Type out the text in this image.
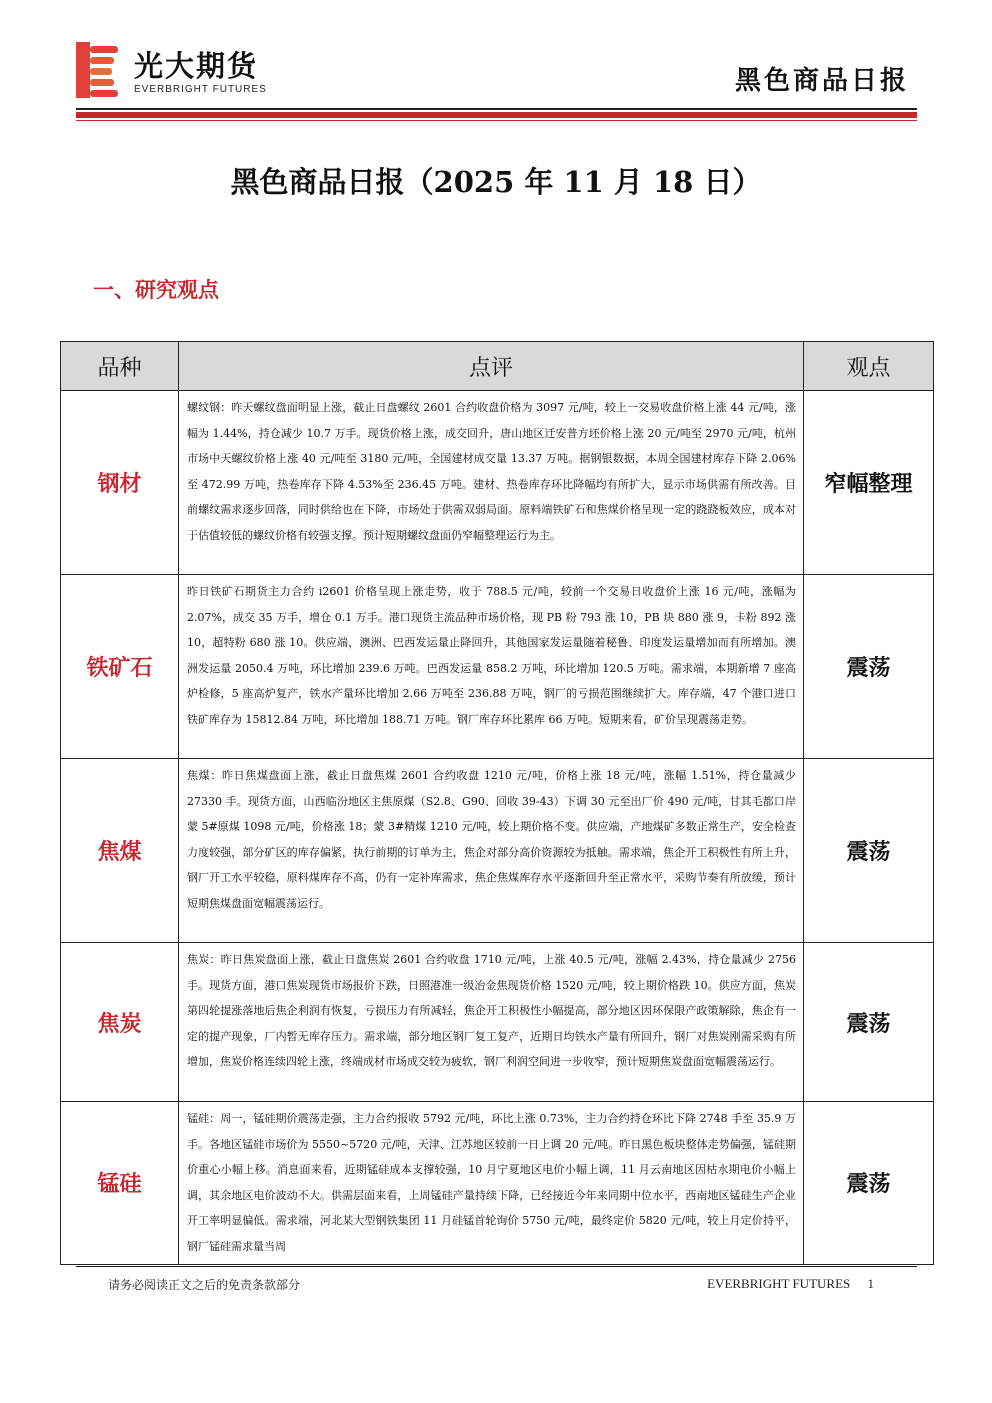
光大期货
EVERBRIGHT FUTURES	黑色商品日报
黑色商品日报（2025 年 11 月 18 日）
一、研究观点
品种	点评	观点
钢材	螺纹钢：昨天螺纹盘面明显上涨，截止日盘螺纹 2601 合约收盘价格为 3097 元/吨，较上一交易收盘价格上涨 44 元/吨，涨幅为 1.44%，持仓减少 10.7 万手。现货价格上涨，成交回升，唐山地区迁安普方坯价格上涨 20 元/吨至 2970 元/吨，杭州市场中天螺纹价格上涨 40 元/吨至 3180 元/吨，全国建材成交量 13.37 万吨。据钢银数据，本周全国建材库存下降 2.06%至 472.99 万吨，热卷库存下降 4.53%至 236.45 万吨。建材、热卷库存环比降幅均有所扩大，显示市场供需有所改善。目前螺纹需求逐步回落，同时供给也在下降，市场处于供需双弱局面。原料端铁矿石和焦煤价格呈现一定的跷跷板效应，成本对于估值较低的螺纹价格有较强支撑。预计短期螺纹盘面仍窄幅整理运行为主。	窄幅整理
铁矿石	昨日铁矿石期货主力合约 i2601 价格呈现上涨走势，收于 788.5 元/吨，较前一个交易日收盘价上涨 16 元/吨，涨幅为 2.07%，成交 35 万手，增仓 0.1 万手。港口现货主流品种市场价格，现 PB 粉 793 涨 10，PB 块 880 涨 9，卡粉 892 涨 10，超特粉 680 涨 10。供应端，澳洲、巴西发运量止降回升，其他国家发运量随着秘鲁、印度发运量增加而有所增加。澳洲发运量 2050.4 万吨，环比增加 239.6 万吨。巴西发运量 858.2 万吨，环比增加 120.5 万吨。需求端，本期新增 7 座高炉检修，5 座高炉复产，铁水产量环比增加 2.66 万吨至 236.88 万吨，钢厂的亏损范围继续扩大。库存端，47 个港口进口铁矿库存为 15812.84 万吨，环比增加 188.71 万吨。钢厂库存环比累库 66 万吨。短期来看，矿价呈现震荡走势。	震荡
焦煤	焦煤：昨日焦煤盘面上涨，截止日盘焦煤 2601 合约收盘 1210 元/吨，价格上涨 18 元/吨，涨幅 1.51%，持仓量减少 27330 手。现货方面，山西临汾地区主焦原煤（S2.8、G90、回收 39-43）下调 30 元至出厂价 490 元/吨，甘其毛都口岸蒙 5#原煤 1098 元/吨，价格涨 18；蒙 3#精煤 1210 元/吨，较上期价格不变。供应端，产地煤矿多数正常生产，安全检查力度较强，部分矿区的库存偏紧，执行前期的订单为主，焦企对部分高价资源较为抵触。需求端，焦企开工积极性有所上升，钢厂开工水平较稳，原料煤库存不高，仍有一定补库需求，焦企焦煤库存水平逐渐回升至正常水平，采购节奏有所放缓，预计短期焦煤盘面宽幅震荡运行。	震荡
焦炭	焦炭：昨日焦炭盘面上涨，截止日盘焦炭 2601 合约收盘 1710 元/吨，上涨 40.5 元/吨，涨幅 2.43%，持仓量减少 2756 手。现货方面，港口焦炭现货市场报价下跌，日照港准一级冶金焦现货价格 1520 元/吨，较上期价格跌 10。供应方面，焦炭第四轮提涨落地后焦企利润有恢复，亏损压力有所减轻，焦企开工积极性小幅提高，部分地区因环保限产政策解除，焦企有一定的提产现象，厂内暂无库存压力。需求端，部分地区钢厂复工复产，近期日均铁水产量有所回升，钢厂对焦炭刚需采购有所增加，焦炭价格连续四轮上涨，终端成材市场成交较为疲软，钢厂利润空间进一步收窄，预计短期焦炭盘面宽幅震荡运行。	震荡
锰硅	锰硅：周一，锰硅期价震荡走强，主力合约报收 5792 元/吨，环比上涨 0.73%，主力合约持仓环比下降 2748 手至 35.9 万手。各地区锰硅市场价为 5550~5720 元/吨，天津、江苏地区较前一日上调 20 元/吨。昨日黑色板块整体走势偏强，锰硅期价重心小幅上移。消息面来看，近期锰硅成本支撑较强，10 月宁夏地区电价小幅上调，11 月云南地区因枯水期电价小幅上调，其余地区电价波动不大。供需层面来看，上周锰硅产量持续下降，已经接近今年来同期中位水平，西南地区锰硅生产企业开工率明显偏低。需求端，河北某大型钢铁集团 11 月硅锰首轮询价 5750 元/吨，最终定价 5820 元/吨，较上月定价持平，钢厂锰硅需求量当周	震荡
请务必阅读正文之后的免责条款部分	EVERBRIGHT FUTURES 1
